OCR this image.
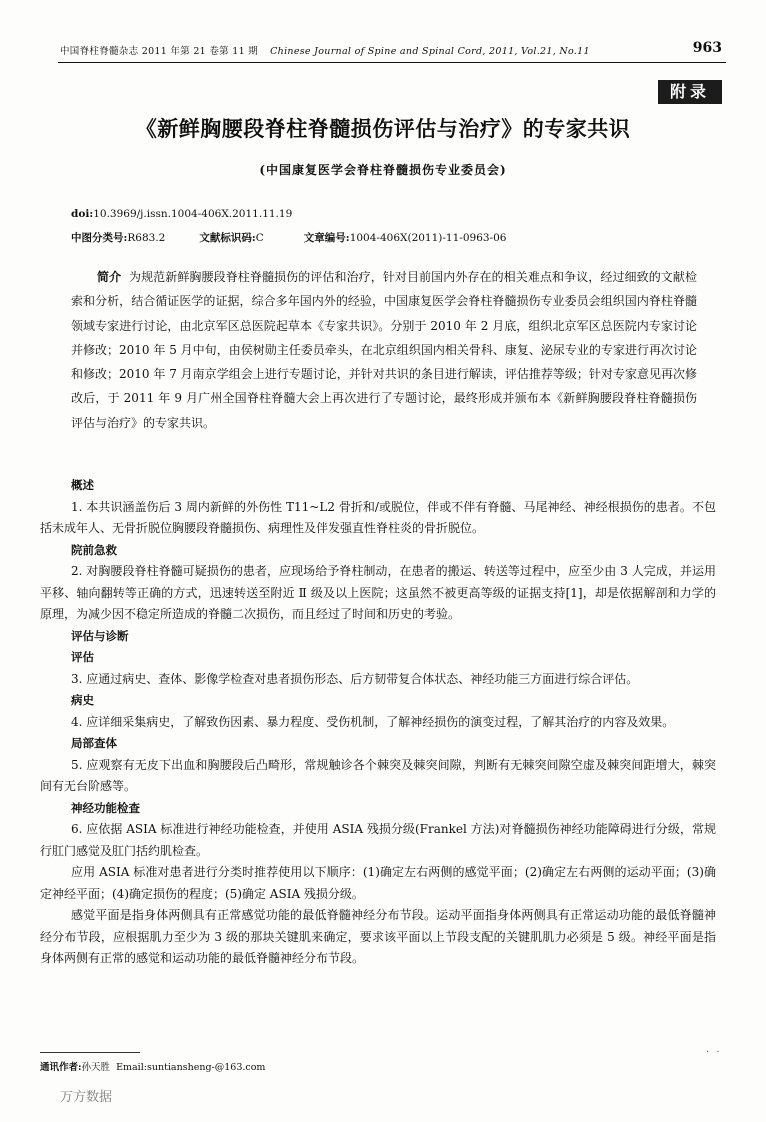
中国脊柱脊髓杂志 2011 年第 21 卷第 11 期 Chinese Journal of Spine and Spinal Cord, 2011, Vol.21, No.11	963
附录
《新鲜胸腰段脊柱脊髓损伤评估与治疗》的专家共识
(中国康复医学会脊柱脊髓损伤专业委员会)
doi:10.3969/j.issn.1004-406X.2011.11.19
中图分类号:R683.2	文献标识码:C	文章编号:1004-406X(2011)-11-0963-06
简介 为规范新鲜胸腰段脊柱脊髓损伤的评估和治疗，针对目前国内外存在的相关难点和争议，经过细致的文献检索和分析，结合循证医学的证据，综合多年国内外的经验，中国康复医学会脊柱脊髓损伤专业委员会组织国内脊柱脊髓领域专家进行讨论，由北京军区总医院起草本《专家共识》。分别于 2010 年 2 月底，组织北京军区总医院内专家讨论并修改；2010 年 5 月中旬，由侯树勋主任委员牵头，在北京组织国内相关骨科、康复、泌尿专业的专家进行再次讨论和修改；2010 年 7 月南京学组会上进行专题讨论，并针对共识的条目进行解读，评估推荐等级；针对专家意见再次修改后，于 2011 年 9 月广州全国脊柱脊髓大会上再次进行了专题讨论，最终形成并颁布本《新鲜胸腰段脊柱脊髓损伤评估与治疗》的专家共识。
概述

1. 本共识涵盖伤后 3 周内新鲜的外伤性 T11~L2 骨折和/或脱位，伴或不伴有脊髓、马尾神经、神经根损伤的患者。不包括未成年人、无骨折脱位胸腰段脊髓损伤、病理性及伴发强直性脊柱炎的骨折脱位。

院前急救

2. 对胸腰段脊柱脊髓可疑损伤的患者，应现场给予脊柱制动，在患者的搬运、转送等过程中，应至少由 3 人完成，并运用平移、轴向翻转等正确的方式，迅速转送至附近 Ⅱ 级及以上医院；这虽然不被更高等级的证据支持[1]，却是依据解剖和力学的原理，为减少因不稳定所造成的脊髓二次损伤，而且经过了时间和历史的考验。

评估与诊断
评估

3. 应通过病史、查体、影像学检查对患者损伤形态、后方韧带复合体状态、神经功能三方面进行综合评估。

病史

4. 应详细采集病史，了解致伤因素、暴力程度、受伤机制，了解神经损伤的演变过程，了解其治疗的内容及效果。

局部查体

5. 应观察有无皮下出血和胸腰段后凸畸形，常规触诊各个棘突及棘突间隙，判断有无棘突间隙空虚及棘突间距增大，棘突间有无台阶感等。

神经功能检查

6. 应依据 ASIA 标准进行神经功能检查，并使用 ASIA 残损分级(Frankel 方法)对脊髓损伤神经功能障碍进行分级，常规行肛门感觉及肛门括约肌检查。

应用 ASIA 标准对患者进行分类时推荐使用以下顺序：(1)确定左右两侧的感觉平面；(2)确定左右两侧的运动平面；(3)确定神经平面；(4)确定损伤的程度；(5)确定 ASIA 残损分级。

感觉平面是指身体两侧具有正常感觉功能的最低脊髓神经分布节段。运动平面指身体两侧具有正常运动功能的最低脊髓神经分布节段，应根据肌力至少为 3 级的那块关键肌来确定，要求该平面以上节段支配的关键肌肌力必须是 5 级。神经平面是指身体两侧有正常的感觉和运动功能的最低脊髓神经分布节段。

. .
通讯作者:孙天胜 Email:suntiansheng-@163.com
万方数据
